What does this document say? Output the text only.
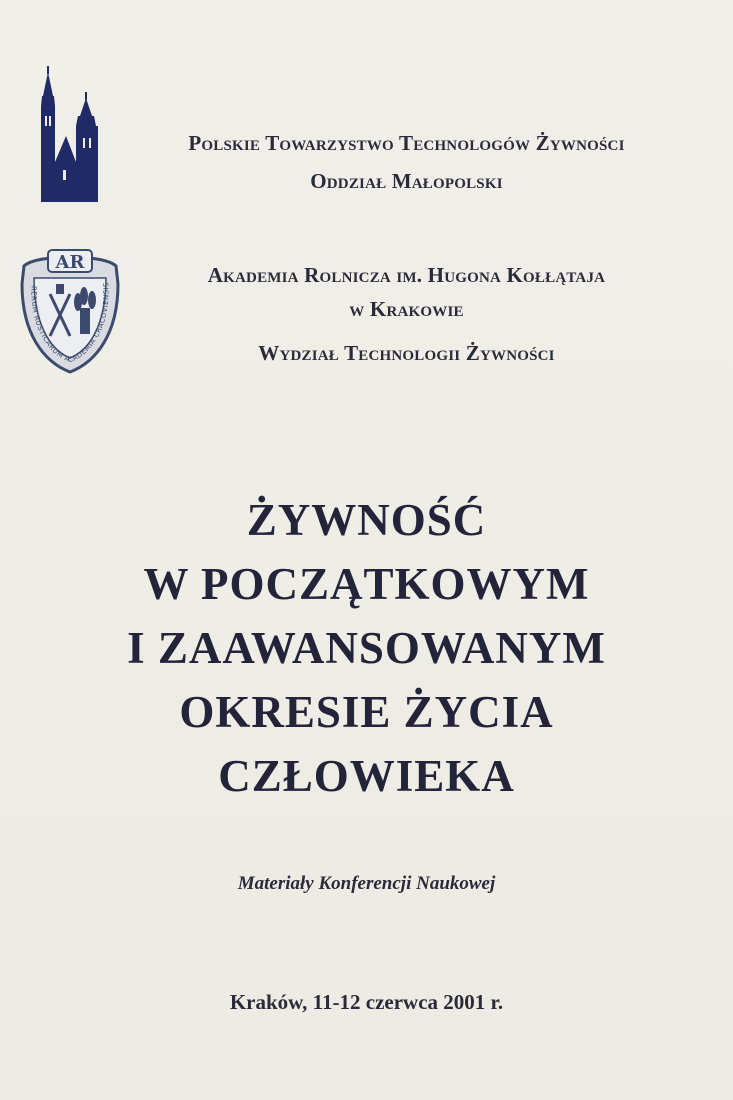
AR
RERUM RUSTICARUM ACADEMIA CRACOVIENSIS

Polskie Towarzystwo Technologów Żywności

Oddział Małopolski

Akademia Rolnicza im. Hugona Kołłątaja

w Krakowie

Wydział Technologii Żywności

ŻYWNOŚĆ
W POCZĄTKOWYM
I ZAAWANSOWANYM
OKRESIE ŻYCIA
CZŁOWIEKA
Materiały Konferencji Naukowej
Kraków, 11-12 czerwca 2001 r.
